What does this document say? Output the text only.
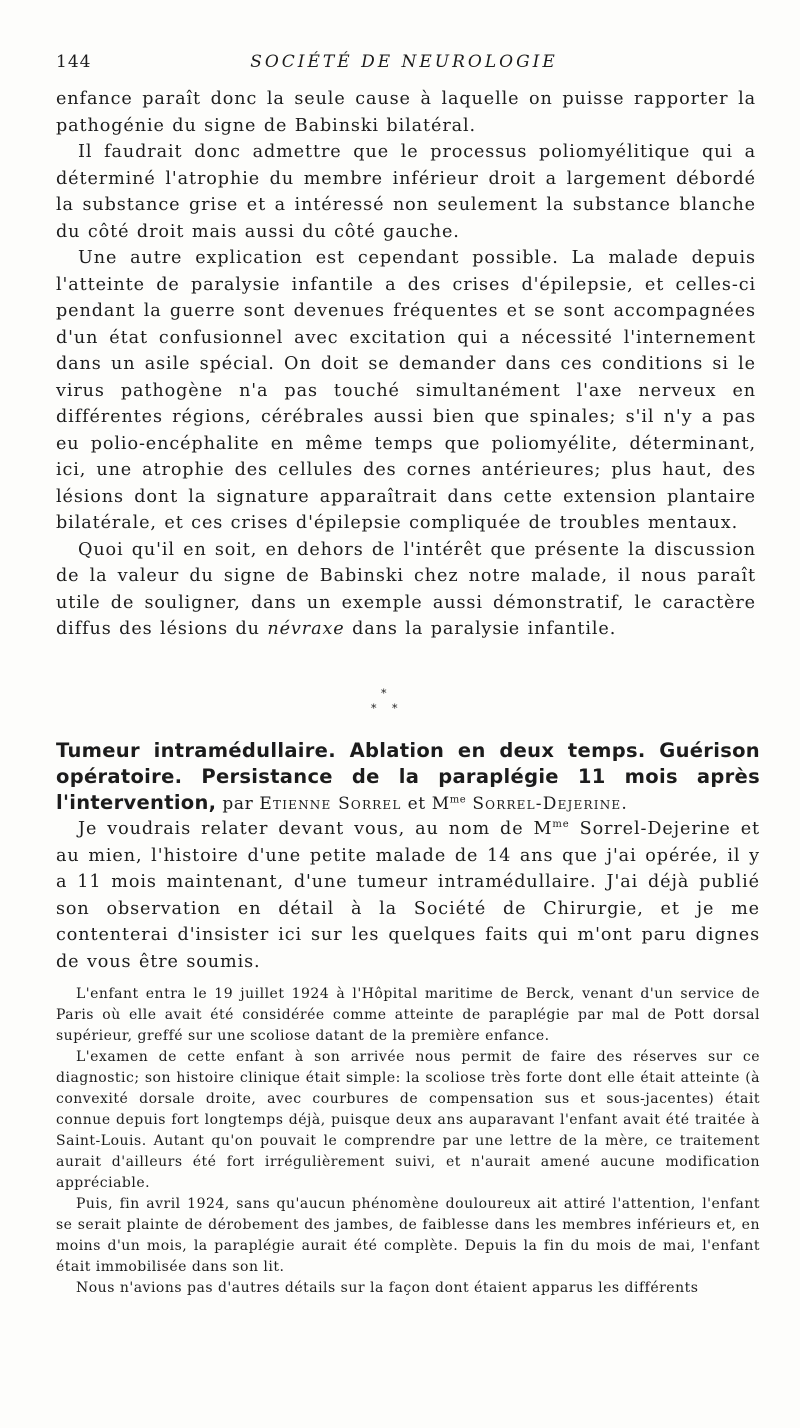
144	SOCIÉTÉ DE NEUROLOGIE

enfance paraît donc la seule cause à laquelle on puisse rapporter la pathogénie du signe de Babinski bilatéral.

Il faudrait donc admettre que le processus poliomyélitique qui a déterminé l'atrophie du membre inférieur droit a largement débordé la substance grise et a intéressé non seulement la substance blanche du côté droit mais aussi du côté gauche.

Une autre explication est cependant possible. La malade depuis l'atteinte de paralysie infantile a des crises d'épilepsie, et celles-ci pendant la guerre sont devenues fréquentes et se sont accompagnées d'un état confusionnel avec excitation qui a nécessité l'internement dans un asile spécial. On doit se demander dans ces conditions si le virus pathogène n'a pas touché simultanément l'axe nerveux en différentes régions, cérébrales aussi bien que spinales; s'il n'y a pas eu polio-encéphalite en même temps que poliomyélite, déterminant, ici, une atrophie des cellules des cornes antérieures; plus haut, des lésions dont la signature apparaîtrait dans cette extension plantaire bilatérale, et ces crises d'épilepsie compliquée de troubles mentaux.

Quoi qu'il en soit, en dehors de l'intérêt que présente la discussion de la valeur du signe de Babinski chez notre malade, il nous paraît utile de souligner, dans un exemple aussi démonstratif, le caractère diffus des lésions du névraxe dans la paralysie infantile.

*
* *
Tumeur intramédullaire. Ablation en deux temps. Guérison opératoire. Persistance de la paraplégie 11 mois après l'intervention, par Etienne Sorrel et $M^{me}$ Sorrel-Dejerine.

Je voudrais relater devant vous, au nom de $M^{me}$ Sorrel-Dejerine et au mien, l'histoire d'une petite malade de 14 ans que j'ai opérée, il y a 11 mois maintenant, d'une tumeur intramédullaire. J'ai déjà publié son observation en détail à la Société de Chirurgie, et je me contenterai d'insister ici sur les quelques faits qui m'ont paru dignes de vous être soumis.

L'enfant entra le 19 juillet 1924 à l'Hôpital maritime de Berck, venant d'un service de Paris où elle avait été considérée comme atteinte de paraplégie par mal de Pott dorsal supérieur, greffé sur une scoliose datant de la première enfance.

L'examen de cette enfant à son arrivée nous permit de faire des réserves sur ce diagnostic; son histoire clinique était simple: la scoliose très forte dont elle était atteinte (à convexité dorsale droite, avec courbures de compensation sus et sous-jacentes) était connue depuis fort longtemps déjà, puisque deux ans auparavant l'enfant avait été traitée à Saint-Louis. Autant qu'on pouvait le comprendre par une lettre de la mère, ce traitement aurait d'ailleurs été fort irrégulièrement suivi, et n'aurait amené aucune modification appréciable.

Puis, fin avril 1924, sans qu'aucun phénomène douloureux ait attiré l'attention, l'enfant se serait plainte de dérobement des jambes, de faiblesse dans les membres inférieurs et, en moins d'un mois, la paraplégie aurait été complète. Depuis la fin du mois de mai, l'enfant était immobilisée dans son lit.

Nous n'avions pas d'autres détails sur la façon dont étaient apparus les différents
